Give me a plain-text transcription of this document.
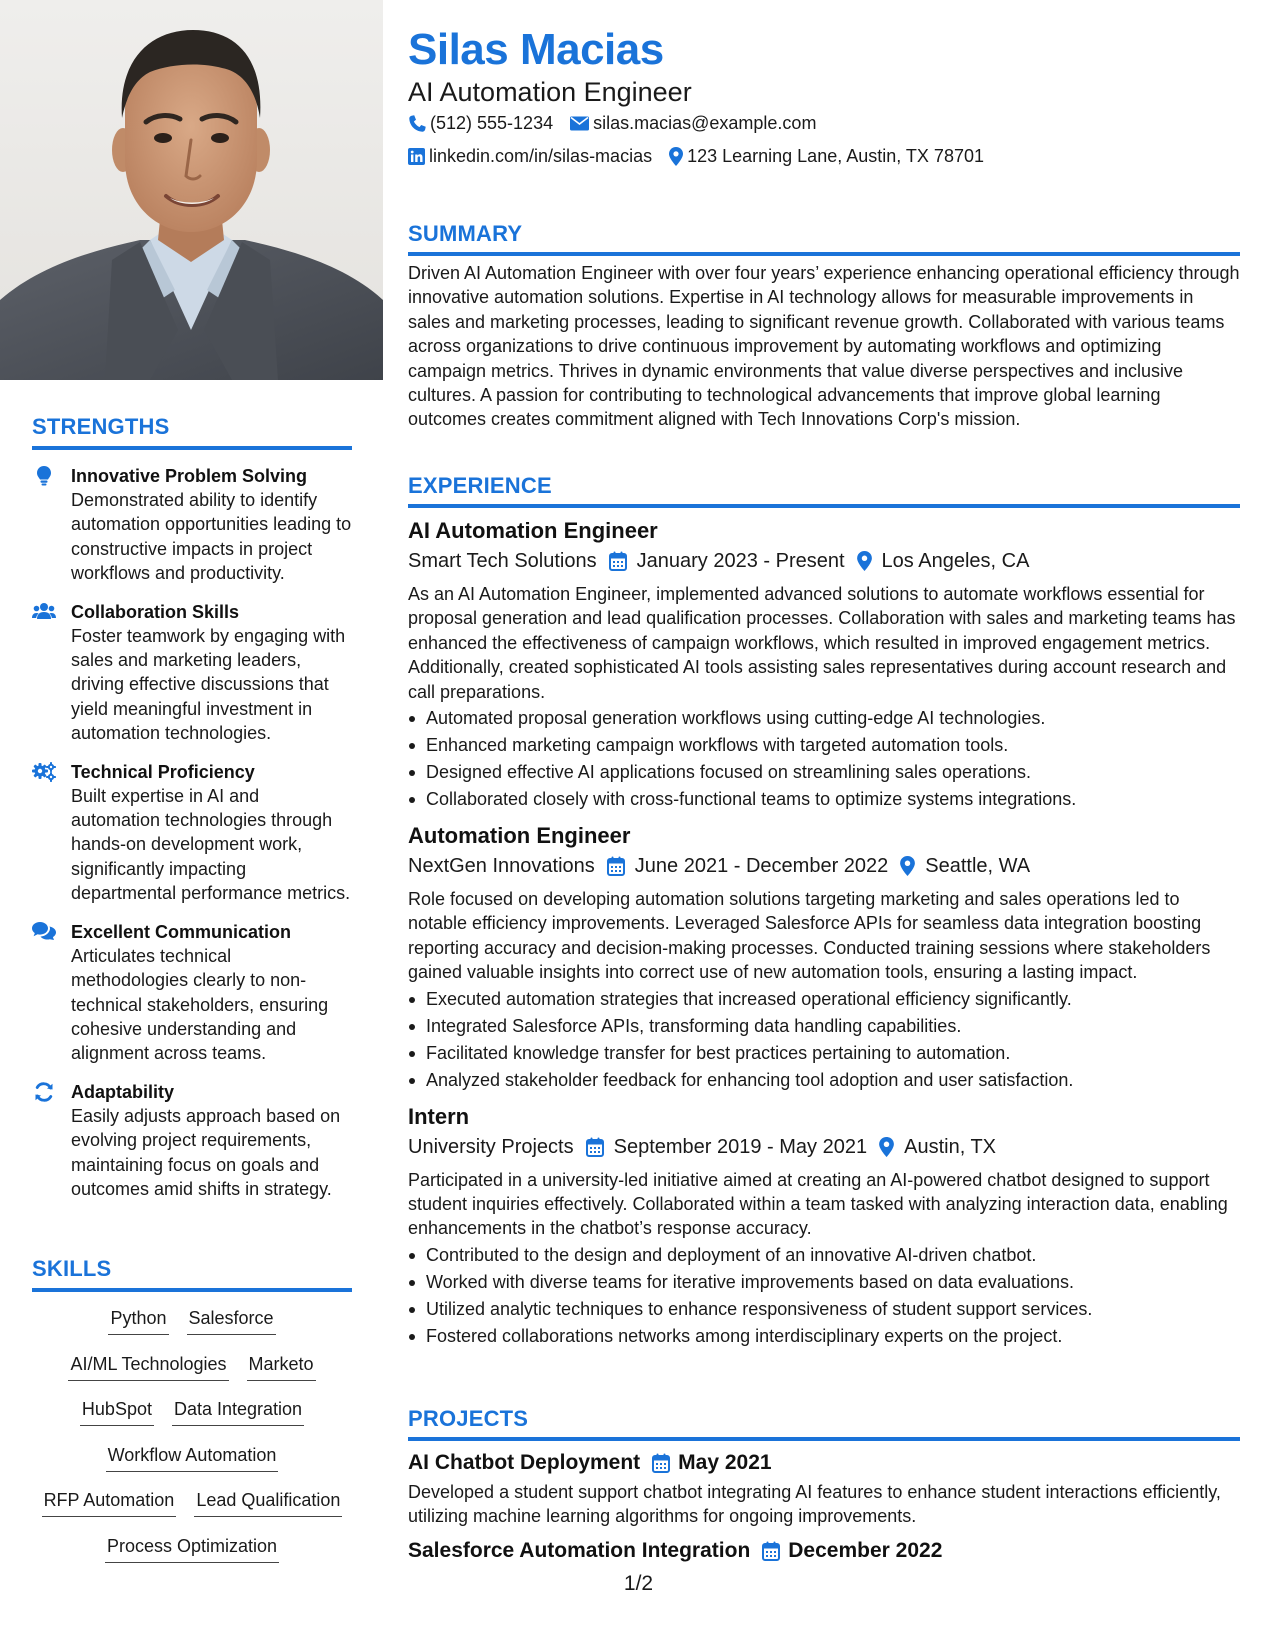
STRENGTHS
Innovative Problem Solving
Demonstrated ability to identify automation opportunities leading to constructive impacts in project workflows and productivity.
Collaboration Skills
Foster teamwork by engaging with sales and marketing leaders, driving effective discussions that yield meaningful investment in automation technologies.
Technical Proficiency
Built expertise in AI and automation technologies through hands-on development work, significantly impacting departmental performance metrics.
Excellent Communication
Articulates technical methodologies clearly to non-technical stakeholders, ensuring cohesive understanding and alignment across teams.
Adaptability
Easily adjusts approach based on evolving project requirements, maintaining focus on goals and outcomes amid shifts in strategy.
SKILLS
Python Salesforce
AI/ML Technologies Marketo
HubSpot Data Integration
Workflow Automation
RFP Automation Lead Qualification
Process Optimization
Silas Macias
AI Automation Engineer
(512) 555-1234 silas.macias@example.com
linkedin.com/in/silas-macias 123 Learning Lane, Austin, TX 78701
SUMMARY
Driven AI Automation Engineer with over four years’ experience enhancing operational efficiency through innovative automation solutions. Expertise in AI technology allows for measurable improvements in sales and marketing processes, leading to significant revenue growth. Collaborated with various teams across organizations to drive continuous improvement by automating workflows and optimizing campaign metrics. Thrives in dynamic environments that value diverse perspectives and inclusive cultures. A passion for contributing to technological advancements that improve global learning outcomes creates commitment aligned with Tech Innovations Corp's mission.
EXPERIENCE
AI Automation Engineer
Smart Tech Solutions January 2023 - Present Los Angeles, CA
As an AI Automation Engineer, implemented advanced solutions to automate workflows essential for proposal generation and lead qualification processes. Collaboration with sales and marketing teams has enhanced the effectiveness of campaign workflows, which resulted in improved engagement metrics. Additionally, created sophisticated AI tools assisting sales representatives during account research and call preparations.
Automated proposal generation workflows using cutting-edge AI technologies.
Enhanced marketing campaign workflows with targeted automation tools.
Designed effective AI applications focused on streamlining sales operations.
Collaborated closely with cross-functional teams to optimize systems integrations.
Automation Engineer
NextGen Innovations June 2021 - December 2022 Seattle, WA
Role focused on developing automation solutions targeting marketing and sales operations led to notable efficiency improvements. Leveraged Salesforce APIs for seamless data integration boosting reporting accuracy and decision-making processes. Conducted training sessions where stakeholders gained valuable insights into correct use of new automation tools, ensuring a lasting impact.
Executed automation strategies that increased operational efficiency significantly.
Integrated Salesforce APIs, transforming data handling capabilities.
Facilitated knowledge transfer for best practices pertaining to automation.
Analyzed stakeholder feedback for enhancing tool adoption and user satisfaction.
Intern
University Projects September 2019 - May 2021 Austin, TX
Participated in a university-led initiative aimed at creating an AI-powered chatbot designed to support student inquiries effectively. Collaborated within a team tasked with analyzing interaction data, enabling enhancements in the chatbot’s response accuracy.
Contributed to the design and deployment of an innovative AI-driven chatbot.
Worked with diverse teams for iterative improvements based on data evaluations.
Utilized analytic techniques to enhance responsiveness of student support services.
Fostered collaborations networks among interdisciplinary experts on the project.
PROJECTS
AI Chatbot Deployment May 2021
Developed a student support chatbot integrating AI features to enhance student interactions efficiently, utilizing machine learning algorithms for ongoing improvements.
Salesforce Automation Integration December 2022
1/2
